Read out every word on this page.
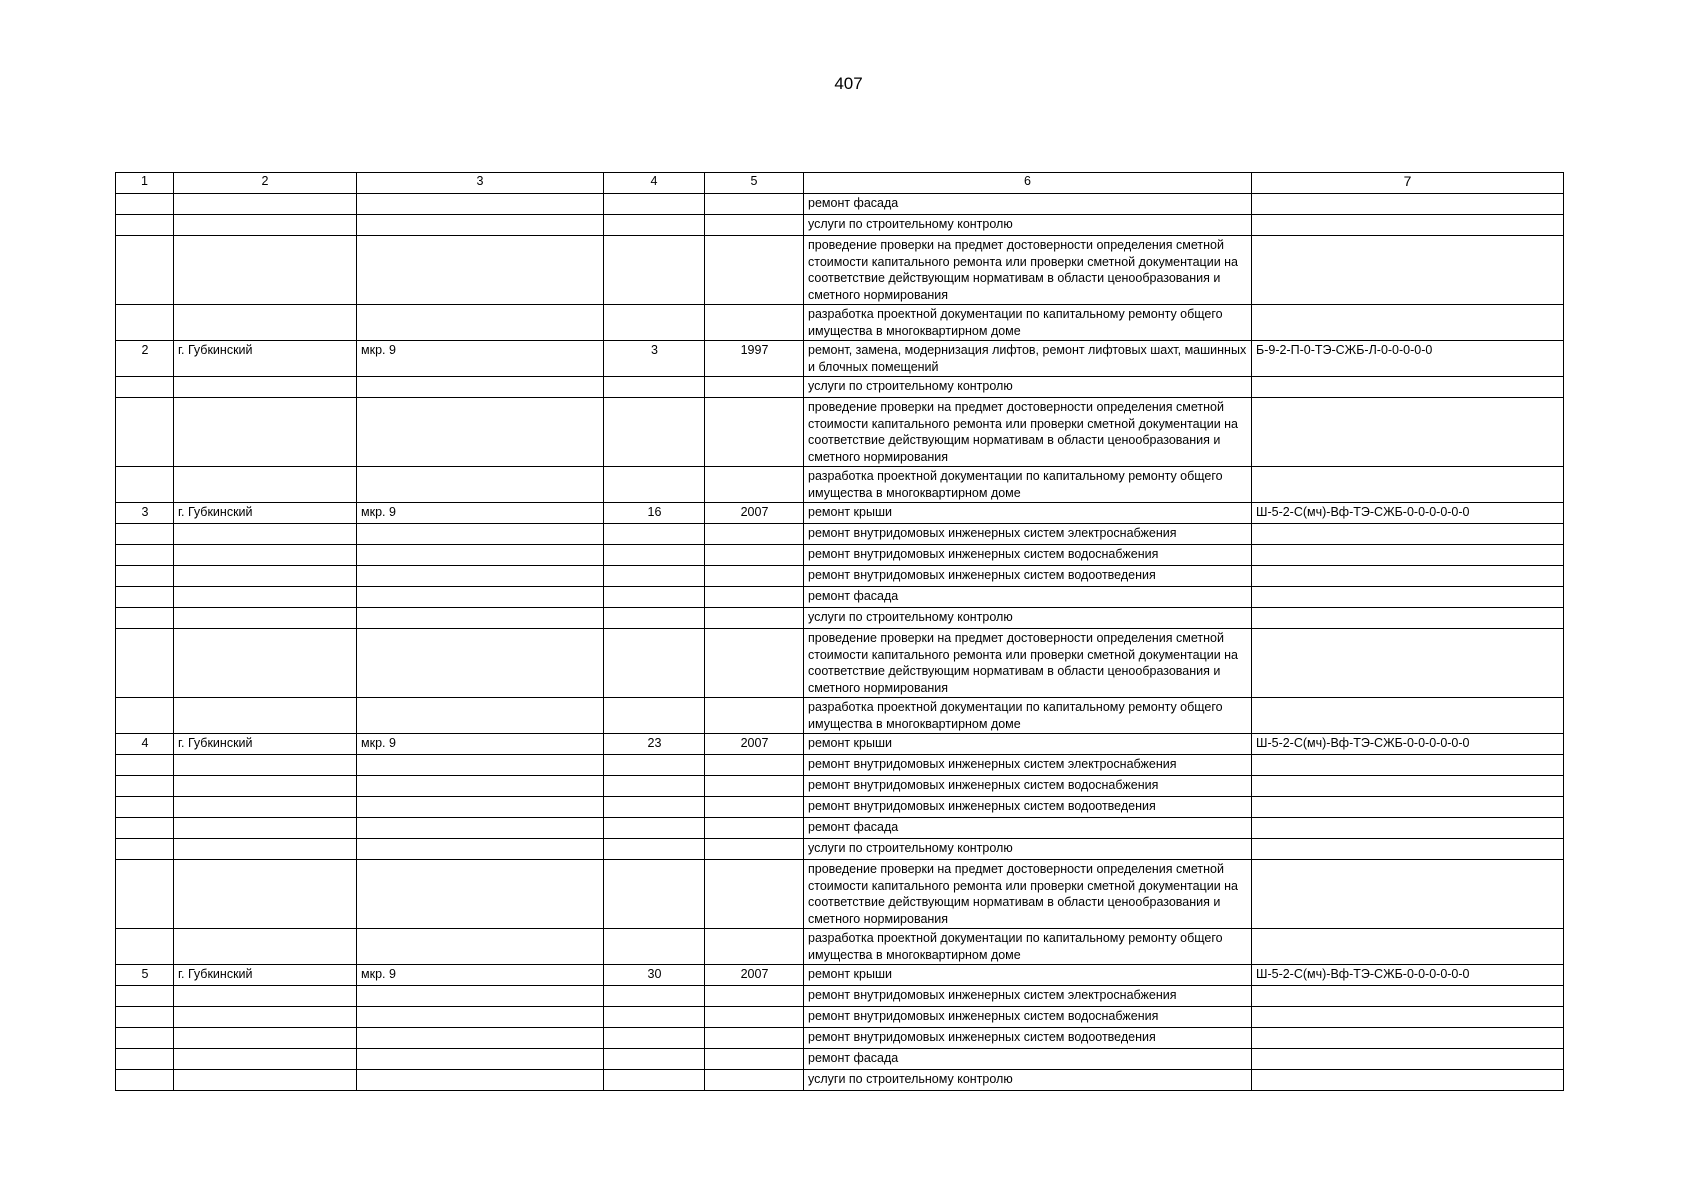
407
1	2	3	4	5	6	7
					ремонт фасада	
					услуги по строительному контролю	
					проведение проверки на предмет достоверности определения сметной стоимости капитального ремонта или проверки сметной документации на соответствие действующим нормативам в области ценообразования и сметного нормирования	
					разработка проектной документации по капитальному ремонту общего имущества в многоквартирном доме	
2	г. Губкинский	мкр. 9	3	1997	ремонт, замена, модернизация лифтов, ремонт лифтовых шахт, машинных и блочных помещений	Б-9-2-П-0-ТЭ-СЖБ-Л-0-0-0-0-0
					услуги по строительному контролю	
					проведение проверки на предмет достоверности определения сметной стоимости капитального ремонта или проверки сметной документации на соответствие действующим нормативам в области ценообразования и сметного нормирования	
					разработка проектной документации по капитальному ремонту общего имущества в многоквартирном доме	
3	г. Губкинский	мкр. 9	16	2007	ремонт крыши	Ш-5-2-С(мч)-Вф-ТЭ-СЖБ-0-0-0-0-0-0
					ремонт внутридомовых инженерных систем электроснабжения	
					ремонт внутридомовых инженерных систем водоснабжения	
					ремонт внутридомовых инженерных систем водоотведения	
					ремонт фасада	
					услуги по строительному контролю	
					проведение проверки на предмет достоверности определения сметной стоимости капитального ремонта или проверки сметной документации на соответствие действующим нормативам в области ценообразования и сметного нормирования	
					разработка проектной документации по капитальному ремонту общего имущества в многоквартирном доме	
4	г. Губкинский	мкр. 9	23	2007	ремонт крыши	Ш-5-2-С(мч)-Вф-ТЭ-СЖБ-0-0-0-0-0-0
					ремонт внутридомовых инженерных систем электроснабжения	
					ремонт внутридомовых инженерных систем водоснабжения	
					ремонт внутридомовых инженерных систем водоотведения	
					ремонт фасада	
					услуги по строительному контролю	
					проведение проверки на предмет достоверности определения сметной стоимости капитального ремонта или проверки сметной документации на соответствие действующим нормативам в области ценообразования и сметного нормирования	
					разработка проектной документации по капитальному ремонту общего имущества в многоквартирном доме	
5	г. Губкинский	мкр. 9	30	2007	ремонт крыши	Ш-5-2-С(мч)-Вф-ТЭ-СЖБ-0-0-0-0-0-0
					ремонт внутридомовых инженерных систем электроснабжения	
					ремонт внутридомовых инженерных систем водоснабжения	
					ремонт внутридомовых инженерных систем водоотведения	
					ремонт фасада	
					услуги по строительному контролю	
